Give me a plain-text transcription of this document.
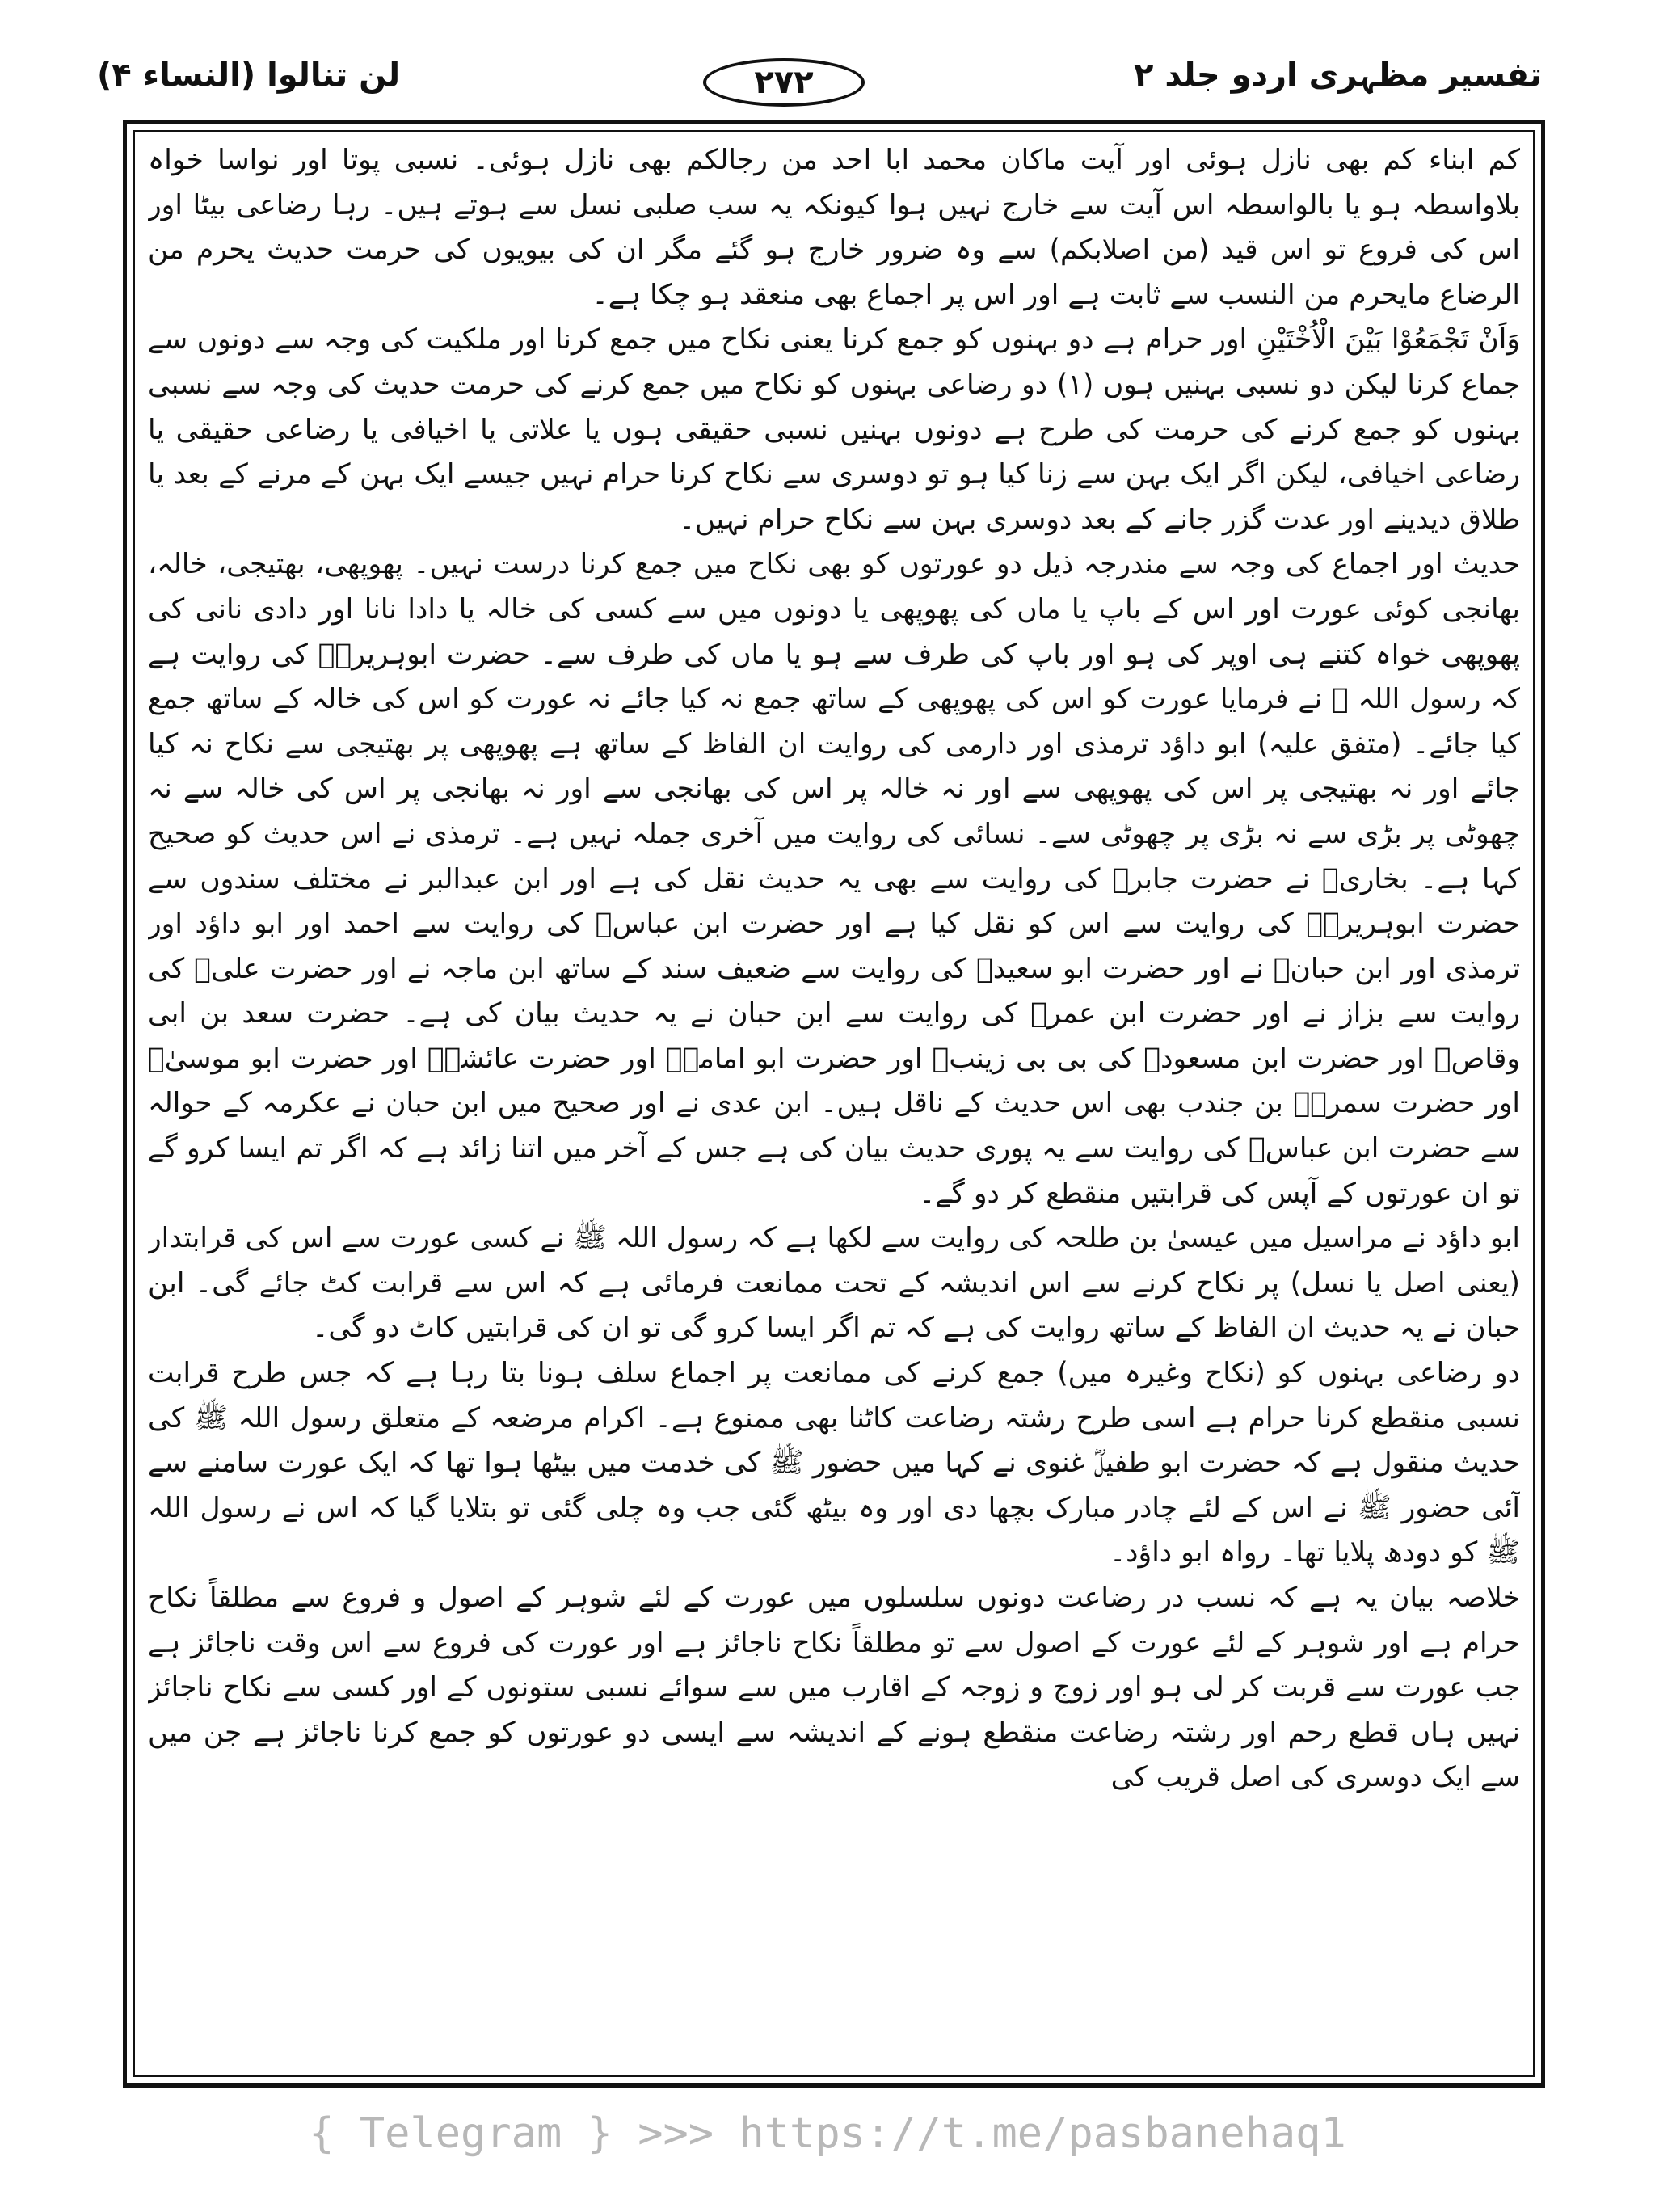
تفسیر مظہری اردو جلد ۲
۲۷۲
لن تنالوا (النساء ۴)

کم ابناء کم بھی نازل ہوئی اور آیت ماکان محمد ابا احد من رجالکم بھی نازل ہوئی۔ نسبی پوتا اور نواسا خواہ بلاواسطہ ہو یا بالواسطہ اس آیت سے خارج نہیں ہوا کیونکہ یہ سب صلبی نسل سے ہوتے ہیں۔ رہا رضاعی بیٹا اور اس کی فروع تو اس قید (من اصلابکم) سے وہ ضرور خارج ہو گئے مگر ان کی بیویوں کی حرمت حدیث یحرم من الرضاع مایحرم من النسب سے ثابت ہے اور اس پر اجماع بھی منعقد ہو چکا ہے۔

وَاَنْ تَجْمَعُوْا بَيْنَ الْاُخْتَيْنِ اور حرام ہے دو بہنوں کو جمع کرنا یعنی نکاح میں جمع کرنا اور ملکیت کی وجہ سے دونوں سے جماع کرنا لیکن دو نسبی بہنیں ہوں (۱) دو رضاعی بہنوں کو نکاح میں جمع کرنے کی حرمت حدیث کی وجہ سے نسبی بہنوں کو جمع کرنے کی حرمت کی طرح ہے دونوں بہنیں نسبی حقیقی ہوں یا علاتی یا اخیافی یا رضاعی حقیقی یا رضاعی اخیافی، لیکن اگر ایک بہن سے زنا کیا ہو تو دوسری سے نکاح کرنا حرام نہیں جیسے ایک بہن کے مرنے کے بعد یا طلاق دیدینے اور عدت گزر جانے کے بعد دوسری بہن سے نکاح حرام نہیں۔

حدیث اور اجماع کی وجہ سے مندرجہ ذیل دو عورتوں کو بھی نکاح میں جمع کرنا درست نہیں۔ پھوپھی، بھتیجی، خالہ، بھانجی کوئی عورت اور اس کے باپ یا ماں کی پھوپھی یا دونوں میں سے کسی کی خالہ یا دادا نانا اور دادی نانی کی پھوپھی خواہ کتنے ہی اوپر کی ہو اور باپ کی طرف سے ہو یا ماں کی طرف سے۔ حضرت ابوہریرہؓ کی روایت ہے کہ رسول اللہ ﷺ نے فرمایا عورت کو اس کی پھوپھی کے ساتھ جمع نہ کیا جائے نہ عورت کو اس کی خالہ کے ساتھ جمع کیا جائے۔ (متفق علیہ) ابو داؤد ترمذی اور دارمی کی روایت ان الفاظ کے ساتھ ہے پھوپھی پر بھتیجی سے نکاح نہ کیا جائے اور نہ بھتیجی پر اس کی پھوپھی سے اور نہ خالہ پر اس کی بھانجی سے اور نہ بھانجی پر اس کی خالہ سے نہ چھوٹی پر بڑی سے نہ بڑی پر چھوٹی سے۔ نسائی کی روایت میں آخری جملہ نہیں ہے۔ ترمذی نے اس حدیث کو صحیح کہا ہے۔ بخاریؒ نے حضرت جابرؓ کی روایت سے بھی یہ حدیث نقل کی ہے اور ابن عبدالبر نے مختلف سندوں سے حضرت ابوہریرہؓ کی روایت سے اس کو نقل کیا ہے اور حضرت ابن عباسؓ کی روایت سے احمد اور ابو داؤد اور ترمذی اور ابن حبانؒ نے اور حضرت ابو سعیدؓ کی روایت سے ضعیف سند کے ساتھ ابن ماجہ نے اور حضرت علیؓ کی روایت سے بزاز نے اور حضرت ابن عمرؓ کی روایت سے ابن حبان نے یہ حدیث بیان کی ہے۔ حضرت سعد بن ابی وقاصؓ اور حضرت ابن مسعودؓ کی بی بی زینبؓ اور حضرت ابو امامہؓ اور حضرت عائشہؓ اور حضرت ابو موسیٰؓ اور حضرت سمرہؓ بن جندب بھی اس حدیث کے ناقل ہیں۔ ابن عدی نے اور صحیح میں ابن حبان نے عکرمہ کے حوالہ سے حضرت ابن عباسؓ کی روایت سے یہ پوری حدیث بیان کی ہے جس کے آخر میں اتنا زائد ہے کہ اگر تم ایسا کرو گے تو ان عورتوں کے آپس کی قرابتیں منقطع کر دو گے۔

ابو داؤد نے مراسیل میں عیسیٰ بن طلحہ کی روایت سے لکھا ہے کہ رسول اللہ ﷺ نے کسی عورت سے اس کی قرابتدار (یعنی اصل یا نسل) پر نکاح کرنے سے اس اندیشہ کے تحت ممانعت فرمائی ہے کہ اس سے قرابت کٹ جائے گی۔ ابن حبان نے یہ حدیث ان الفاظ کے ساتھ روایت کی ہے کہ تم اگر ایسا کرو گی تو ان کی قرابتیں کاٹ دو گی۔

دو رضاعی بہنوں کو (نکاح وغیرہ میں) جمع کرنے کی ممانعت پر اجماع سلف ہونا بتا رہا ہے کہ جس طرح قرابت نسبی منقطع کرنا حرام ہے اسی طرح رشتہ رضاعت کاٹنا بھی ممنوع ہے۔ اکرام مرضعہ کے متعلق رسول اللہ ﷺ کی حدیث منقول ہے کہ حضرت ابو طفیلؓ غنوی نے کہا میں حضور ﷺ کی خدمت میں بیٹھا ہوا تھا کہ ایک عورت سامنے سے آئی حضور ﷺ نے اس کے لئے چادر مبارک بچھا دی اور وہ بیٹھ گئی جب وہ چلی گئی تو بتلایا گیا کہ اس نے رسول اللہ ﷺ کو دودھ پلایا تھا۔ رواہ ابو داؤد۔

خلاصہ بیان یہ ہے کہ نسب در رضاعت دونوں سلسلوں میں عورت کے لئے شوہر کے اصول و فروع سے مطلقاً نکاح حرام ہے اور شوہر کے لئے عورت کے اصول سے تو مطلقاً نکاح ناجائز ہے اور عورت کی فروع سے اس وقت ناجائز ہے جب عورت سے قربت کر لی ہو اور زوج و زوجہ کے اقارب میں سے سوائے نسبی ستونوں کے اور کسی سے نکاح ناجائز نہیں ہاں قطع رحم اور رشتہ رضاعت منقطع ہونے کے اندیشہ سے ایسی دو عورتوں کو جمع کرنا ناجائز ہے جن میں سے ایک دوسری کی اصل قریب کی

{ Telegram } >>> https://t.me/pasbanehaq1
